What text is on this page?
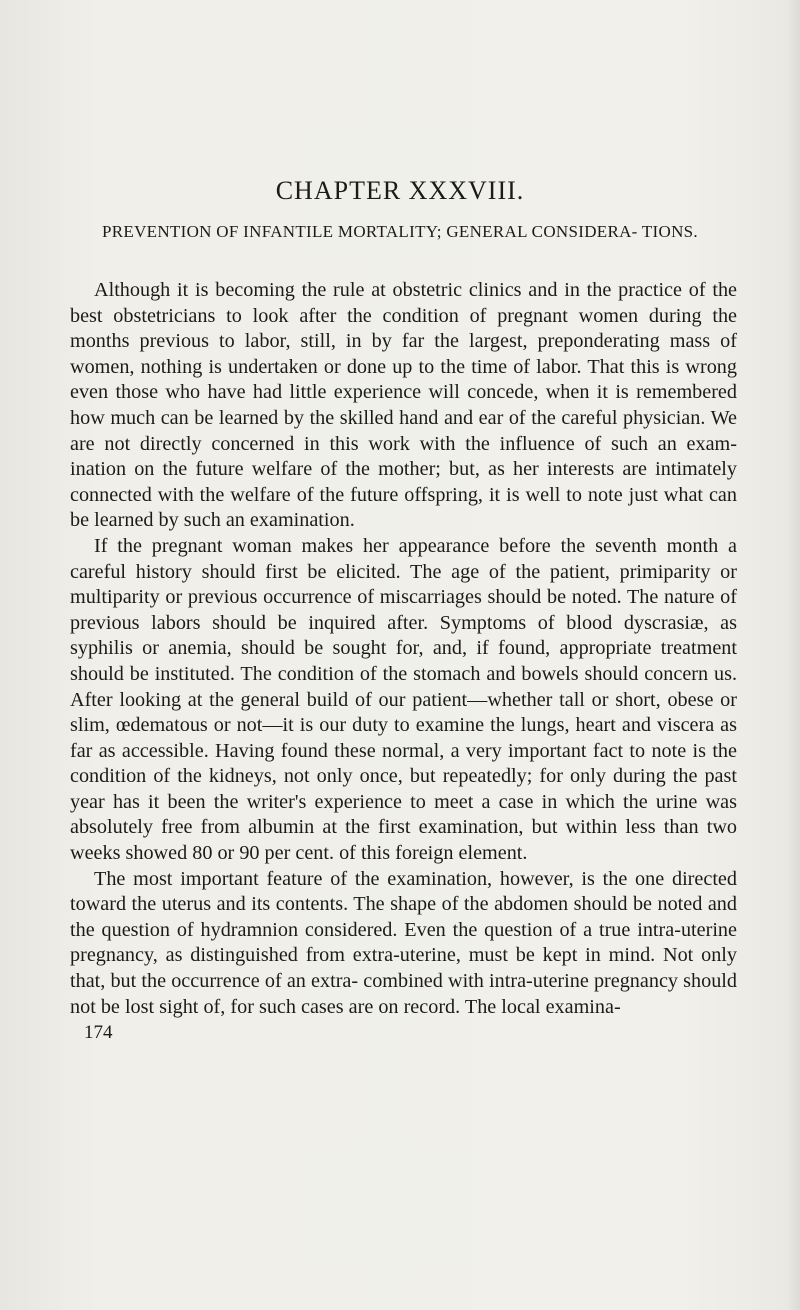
CHAPTER XXXVIII.
PREVENTION OF INFANTILE MORTALITY; GENERAL CONSIDERA- TIONS.

Although it is becoming the rule at obstetric clinics and in the practice of the best obstetricians to look after the condition of pregnant women during the months previous to labor, still, in by far the largest, preponderating mass of women, nothing is undertaken or done up to the time of labor. That this is wrong even those who have had little experience will concede, when it is remembered how much can be learned by the skilled hand and ear of the careful physician. We are not directly concerned in this work with the influence of such an exam- ination on the future welfare of the mother; but, as her interests are intimately connected with the welfare of the future offspring, it is well to note just what can be learned by such an examination.

If the pregnant woman makes her appearance before the seventh month a careful history should first be elicited. The age of the patient, primiparity or multiparity or previous occurrence of miscarriages should be noted. The nature of previous labors should be inquired after. Symptoms of blood dyscrasiæ, as syphilis or anemia, should be sought for, and, if found, appropriate treatment should be instituted. The condition of the stomach and bowels should concern us. After looking at the general build of our patient—whether tall or short, obese or slim, œdematous or not—it is our duty to examine the lungs, heart and viscera as far as accessible. Having found these normal, a very important fact to note is the condition of the kidneys, not only once, but repeatedly; for only during the past year has it been the writer's experience to meet a case in which the urine was absolutely free from albumin at the first examination, but within less than two weeks showed 80 or 90 per cent. of this foreign element.

The most important feature of the examination, however, is the one directed toward the uterus and its contents. The shape of the abdomen should be noted and the question of hydramnion considered. Even the question of a true intra-uterine pregnancy, as distinguished from extra-uterine, must be kept in mind. Not only that, but the occurrence of an extra- combined with intra-uterine pregnancy should not be lost sight of, for such cases are on record. The local examina-

174
